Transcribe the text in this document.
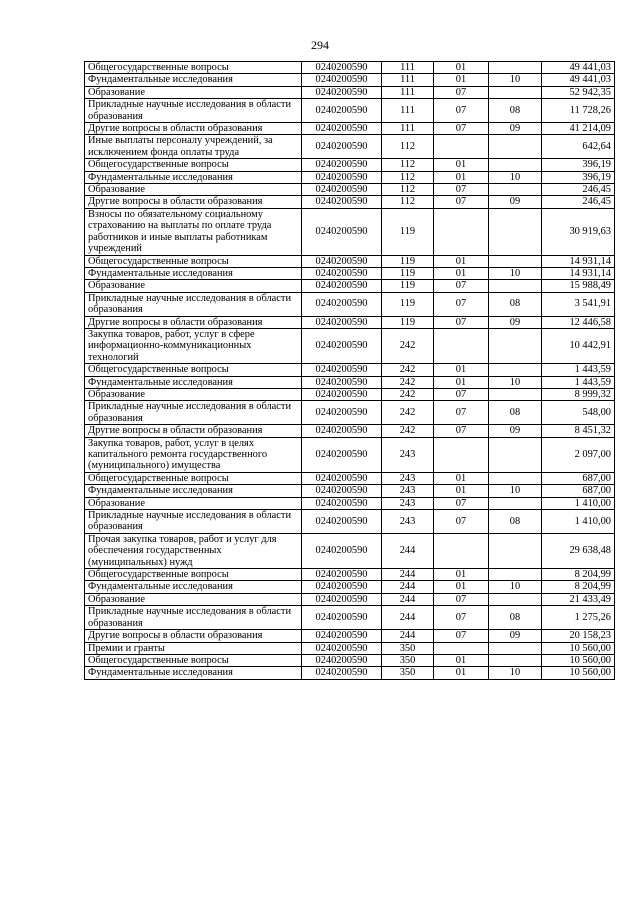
294
Общегосударственные вопросы	0240200590	111	01		49 441,03
Фундаментальные исследования	0240200590	111	01	10	49 441,03
Образование	0240200590	111	07		52 942,35
Прикладные научные исследования в области образования	0240200590	111	07	08	11 728,26
Другие вопросы в области образования	0240200590	111	07	09	41 214,09
Иные выплаты персоналу учреждений, за исключением фонда оплаты труда	0240200590	112			642,64
Общегосударственные вопросы	0240200590	112	01		396,19
Фундаментальные исследования	0240200590	112	01	10	396,19
Образование	0240200590	112	07		246,45
Другие вопросы в области образования	0240200590	112	07	09	246,45
Взносы по обязательному социальному страхованию на выплаты по оплате труда работников и иные выплаты работникам учреждений	0240200590	119			30 919,63
Общегосударственные вопросы	0240200590	119	01		14 931,14
Фундаментальные исследования	0240200590	119	01	10	14 931,14
Образование	0240200590	119	07		15 988,49
Прикладные научные исследования в области образования	0240200590	119	07	08	3 541,91
Другие вопросы в области образования	0240200590	119	07	09	12 446,58
Закупка товаров, работ, услуг в сфере информационно-коммуникационных технологий	0240200590	242			10 442,91
Общегосударственные вопросы	0240200590	242	01		1 443,59
Фундаментальные исследования	0240200590	242	01	10	1 443,59
Образование	0240200590	242	07		8 999,32
Прикладные научные исследования в области образования	0240200590	242	07	08	548,00
Другие вопросы в области образования	0240200590	242	07	09	8 451,32
Закупка товаров, работ, услуг в целях капитального ремонта государственного (муниципального) имущества	0240200590	243			2 097,00
Общегосударственные вопросы	0240200590	243	01		687,00
Фундаментальные исследования	0240200590	243	01	10	687,00
Образование	0240200590	243	07		1 410,00
Прикладные научные исследования в области образования	0240200590	243	07	08	1 410,00
Прочая закупка товаров, работ и услуг для обеспечения государственных (муниципальных) нужд	0240200590	244			29 638,48
Общегосударственные вопросы	0240200590	244	01		8 204,99
Фундаментальные исследования	0240200590	244	01	10	8 204,99
Образование	0240200590	244	07		21 433,49
Прикладные научные исследования в области образования	0240200590	244	07	08	1 275,26
Другие вопросы в области образования	0240200590	244	07	09	20 158,23
Премии и гранты	0240200590	350			10 560,00
Общегосударственные вопросы	0240200590	350	01		10 560,00
Фундаментальные исследования	0240200590	350	01	10	10 560,00
